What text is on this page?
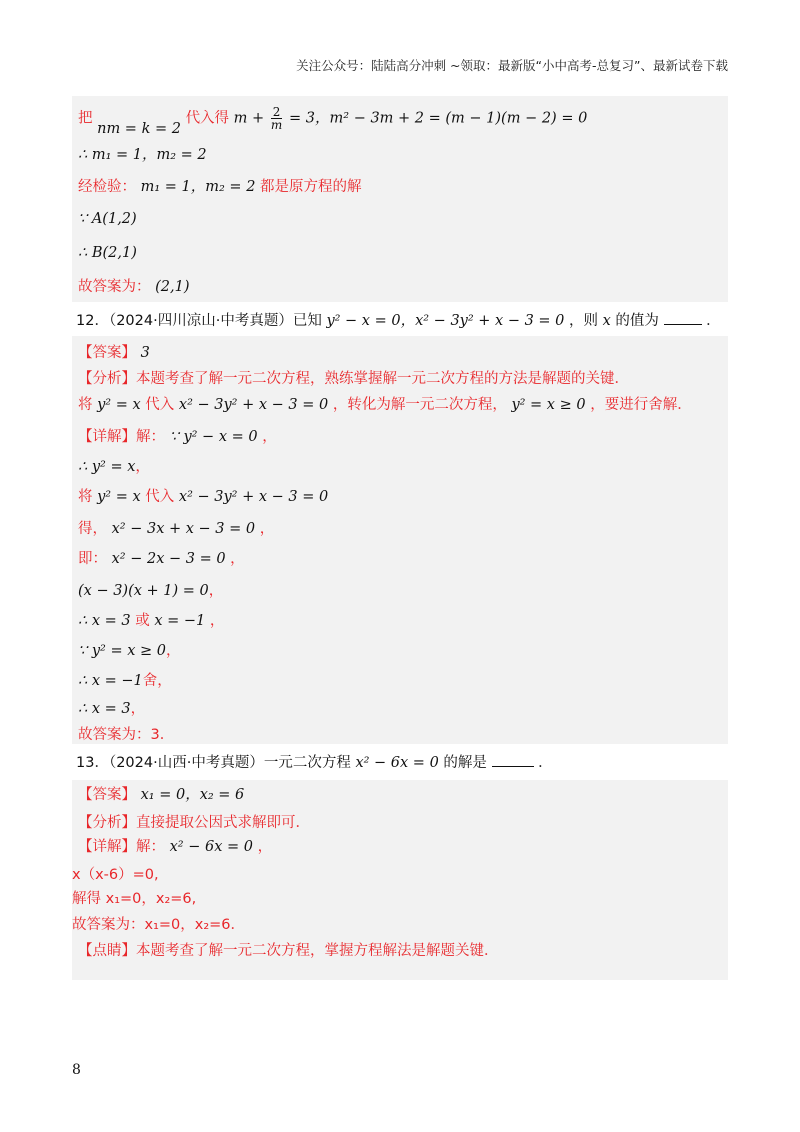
关注公众号：陆陆高分冲刺 ~领取：最新版“小中高考-总复习”、最新试卷下载
把 nm = k = 2 代入得 $m + \frac{2}{m} = 3$，m² − 3m + 2 = (m − 1)(m − 2) = 0
∴ m₁ = 1，m₂ = 2
经检验： m₁ = 1，m₂ = 2 都是原方程的解
∵ A(1,2)
∴ B(2,1)
故答案为： (2,1)
12．（2024·四川凉山·中考真题）已知 y² − x = 0，x² − 3y² + x − 3 = 0 ，则 x 的值为	．
【答案】 3
【分析】本题考查了解一元二次方程，熟练掌握解一元二次方程的方法是解题的关键．
将 y² = x 代入 x² − 3y² + x − 3 = 0 ，转化为解一元二次方程， y² = x ≥ 0 ，要进行舍解．
【详解】解： ∵ y² − x = 0 ，
∴ y² = x，
将 y² = x 代入 x² − 3y² + x − 3 = 0
得， x² − 3x + x − 3 = 0 ，
即： x² − 2x − 3 = 0 ，
(x − 3)(x + 1) = 0，
∴ x = 3 或 x = −1 ，
∵ y² = x ≥ 0，
∴ x = −1舍，
∴ x = 3，
故答案为：3．
13．（2024·山西·中考真题）一元二次方程 x² − 6x = 0 的解是	．
【答案】 x₁ = 0，x₂ = 6
【分析】直接提取公因式求解即可．
【详解】解： x² − 6x = 0 ，
x（x-6）=0,
解得 x₁=0，x₂=6,
故答案为：x₁=0，x₂=6．
【点睛】本题考查了解一元二次方程，掌握方程解法是解题关键．
8
